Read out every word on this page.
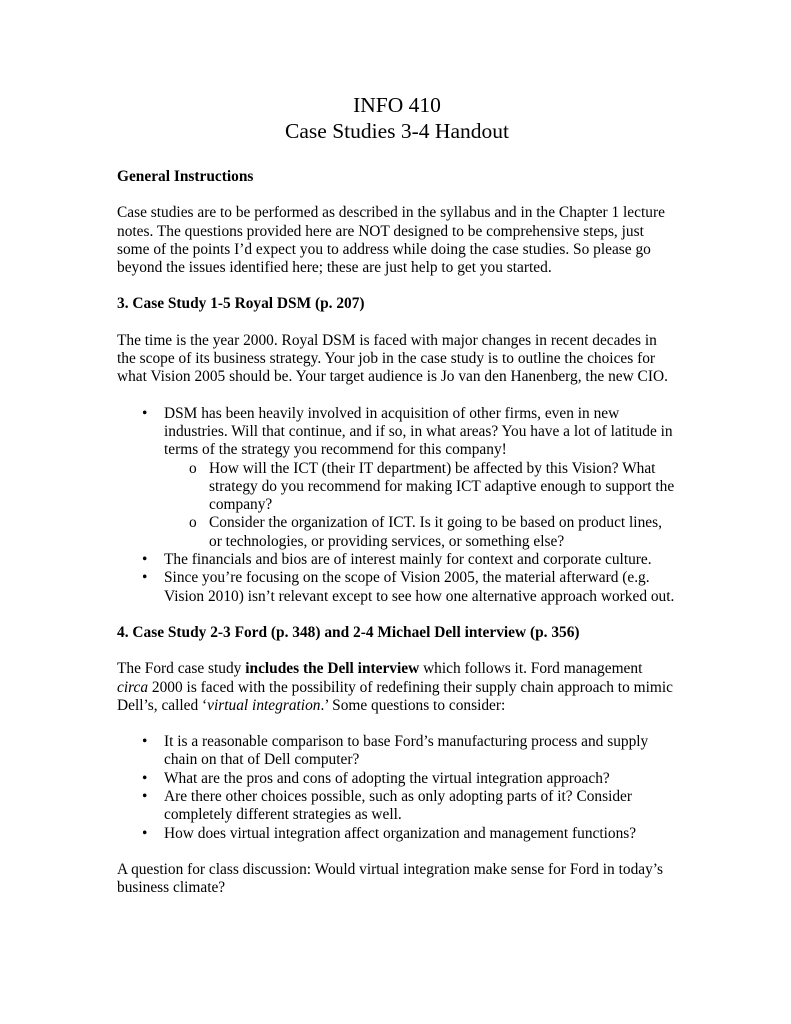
INFO 410
Case Studies 3-4 Handout
General Instructions

Case studies are to be performed as described in the syllabus and in the Chapter 1 lecture notes. The questions provided here are NOT designed to be comprehensive steps, just some of the points I’d expect you to address while doing the case studies. So please go beyond the issues identified here; these are just help to get you started.

3. Case Study 1-5 Royal DSM (p. 207)

The time is the year 2000. Royal DSM is faced with major changes in recent decades in the scope of its business strategy. Your job in the case study is to outline the choices for what Vision 2005 should be. Your target audience is Jo van den Hanenberg, the new CIO.

• DSM has been heavily involved in acquisition of other firms, even in new industries. Will that continue, and if so, in what areas? You have a lot of latitude in terms of the strategy you recommend for this company!
o How will the ICT (their IT department) be affected by this Vision? What strategy do you recommend for making ICT adaptive enough to support the company?
o Consider the organization of ICT. Is it going to be based on product lines, or technologies, or providing services, or something else?
• The financials and bios are of interest mainly for context and corporate culture.
• Since you’re focusing on the scope of Vision 2005, the material afterward (e.g. Vision 2010) isn’t relevant except to see how one alternative approach worked out.
4. Case Study 2-3 Ford (p. 348) and 2-4 Michael Dell interview (p. 356)

The Ford case study includes the Dell interview which follows it. Ford management circa 2000 is faced with the possibility of redefining their supply chain approach to mimic Dell’s, called ‘virtual integration.’ Some questions to consider:

• It is a reasonable comparison to base Ford’s manufacturing process and supply chain on that of Dell computer?
• What are the pros and cons of adopting the virtual integration approach?
• Are there other choices possible, such as only adopting parts of it? Consider completely different strategies as well.
• How does virtual integration affect organization and management functions?

A question for class discussion: Would virtual integration make sense for Ford in today’s business climate?
